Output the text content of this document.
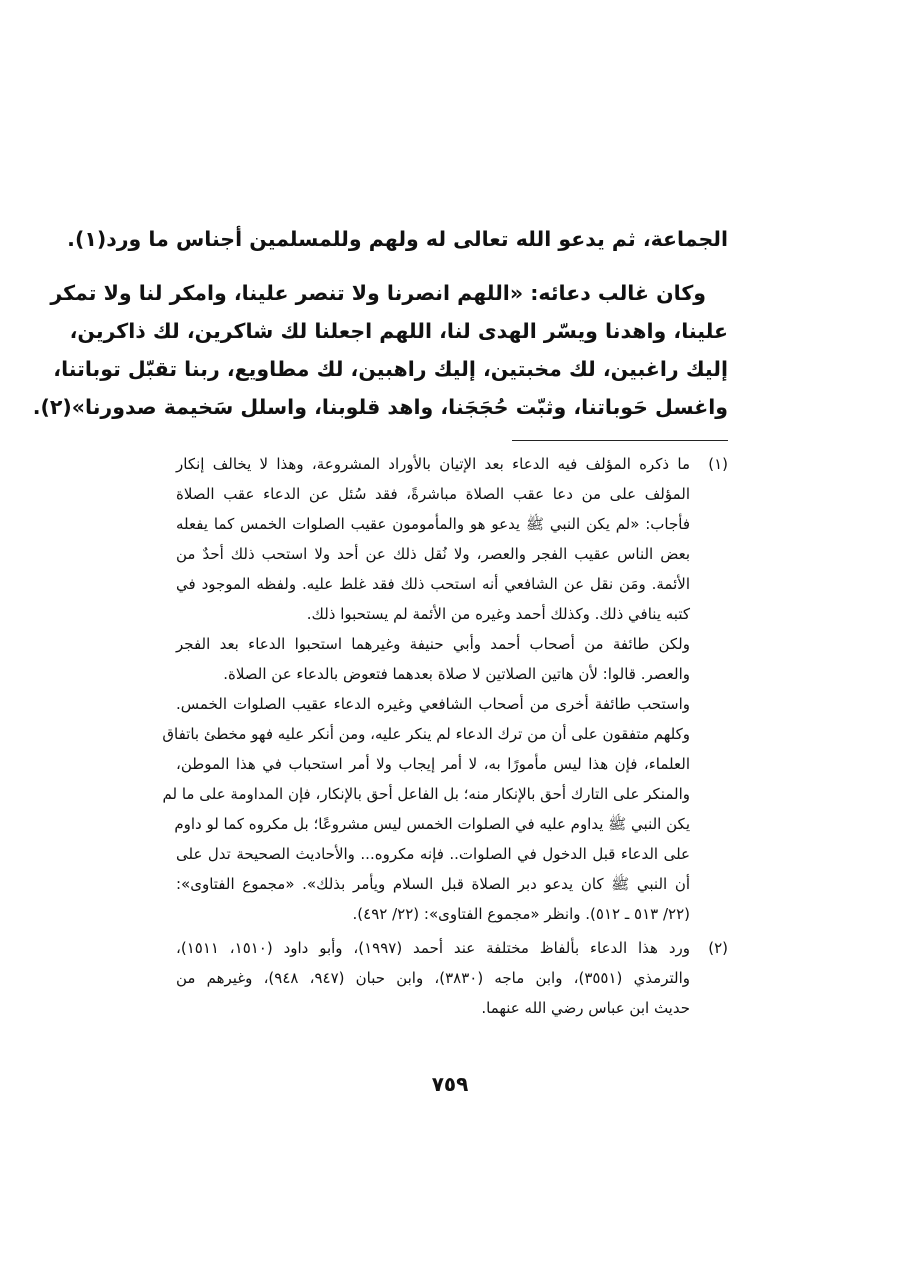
الجماعة، ثم يدعو الله تعالى له ولهم وللمسلمين أجناس ما ورد(١).
وكان غالب دعائه: «اللهم انصرنا ولا تنصر علينا، وامكر لنا ولا تمكر
علينا، واهدنا ويسّر الهدى لنا، اللهم اجعلنا لك شاكرين، لك ذاكرين،
إليك راغبين، لك مخبتين، إليك راهبين، لك مطاويع، ربنا تقبّل توباتنا،
واغسل حَوباتنا، وثبّت حُجَجَنا، واهد قلوبنا، واسلل سَخيمة صدورنا»(٢).
(١)
ما ذكره المؤلف فيه الدعاء بعد الإتيان بالأوراد المشروعة، وهذا لا يخالف إنكار
المؤلف على من دعا عقب الصلاة مباشرةً، فقد سُئل عن الدعاء عقب الصلاة
فأجاب: «لم يكن النبي ﷺ يدعو هو والمأمومون عقيب الصلوات الخمس كما يفعله
بعض الناس عقيب الفجر والعصر، ولا نُقل ذلك عن أحد ولا استحب ذلك أحدٌ من
الأئمة. ومَن نقل عن الشافعي أنه استحب ذلك فقد غلط عليه. ولفظه الموجود في
كتبه ينافي ذلك. وكذلك أحمد وغيره من الأئمة لم يستحبوا ذلك.
ولكن طائفة من أصحاب أحمد وأبي حنيفة وغيرهما استحبوا الدعاء بعد الفجر
والعصر. قالوا: لأن هاتين الصلاتين لا صلاة بعدهما فتعوض بالدعاء عن الصلاة.
واستحب طائفة أخرى من أصحاب الشافعي وغيره الدعاء عقيب الصلوات الخمس.
وكلهم متفقون على أن من ترك الدعاء لم ينكر عليه، ومن أنكر عليه فهو مخطئ باتفاق
العلماء، فإن هذا ليس مأمورًا به، لا أمر إيجاب ولا أمر استحباب في هذا الموطن،
والمنكر على التارك أحق بالإنكار منه؛ بل الفاعل أحق بالإنكار، فإن المداومة على ما لم
يكن النبي ﷺ يداوم عليه في الصلوات الخمس ليس مشروعًا؛ بل مكروه كما لو داوم
على الدعاء قبل الدخول في الصلوات.. فإنه مكروه... والأحاديث الصحيحة تدل على
أن النبي ﷺ كان يدعو دبر الصلاة قبل السلام ويأمر بذلك». «مجموع الفتاوى»:
(٢٢/ ٥١٣ ـ ٥١٢). وانظر «مجموع الفتاوى»: (٢٢/ ٤٩٢).
(٢)
ورد هذا الدعاء بألفاظ مختلفة عند أحمد (١٩٩٧)، وأبو داود (١٥١٠، ١٥١١)،
والترمذي (٣٥٥١)، وابن ماجه (٣٨٣٠)، وابن حبان (٩٤٧، ٩٤٨)، وغيرهم من
حديث ابن عباس رضي الله عنهما.
٧٥٩
